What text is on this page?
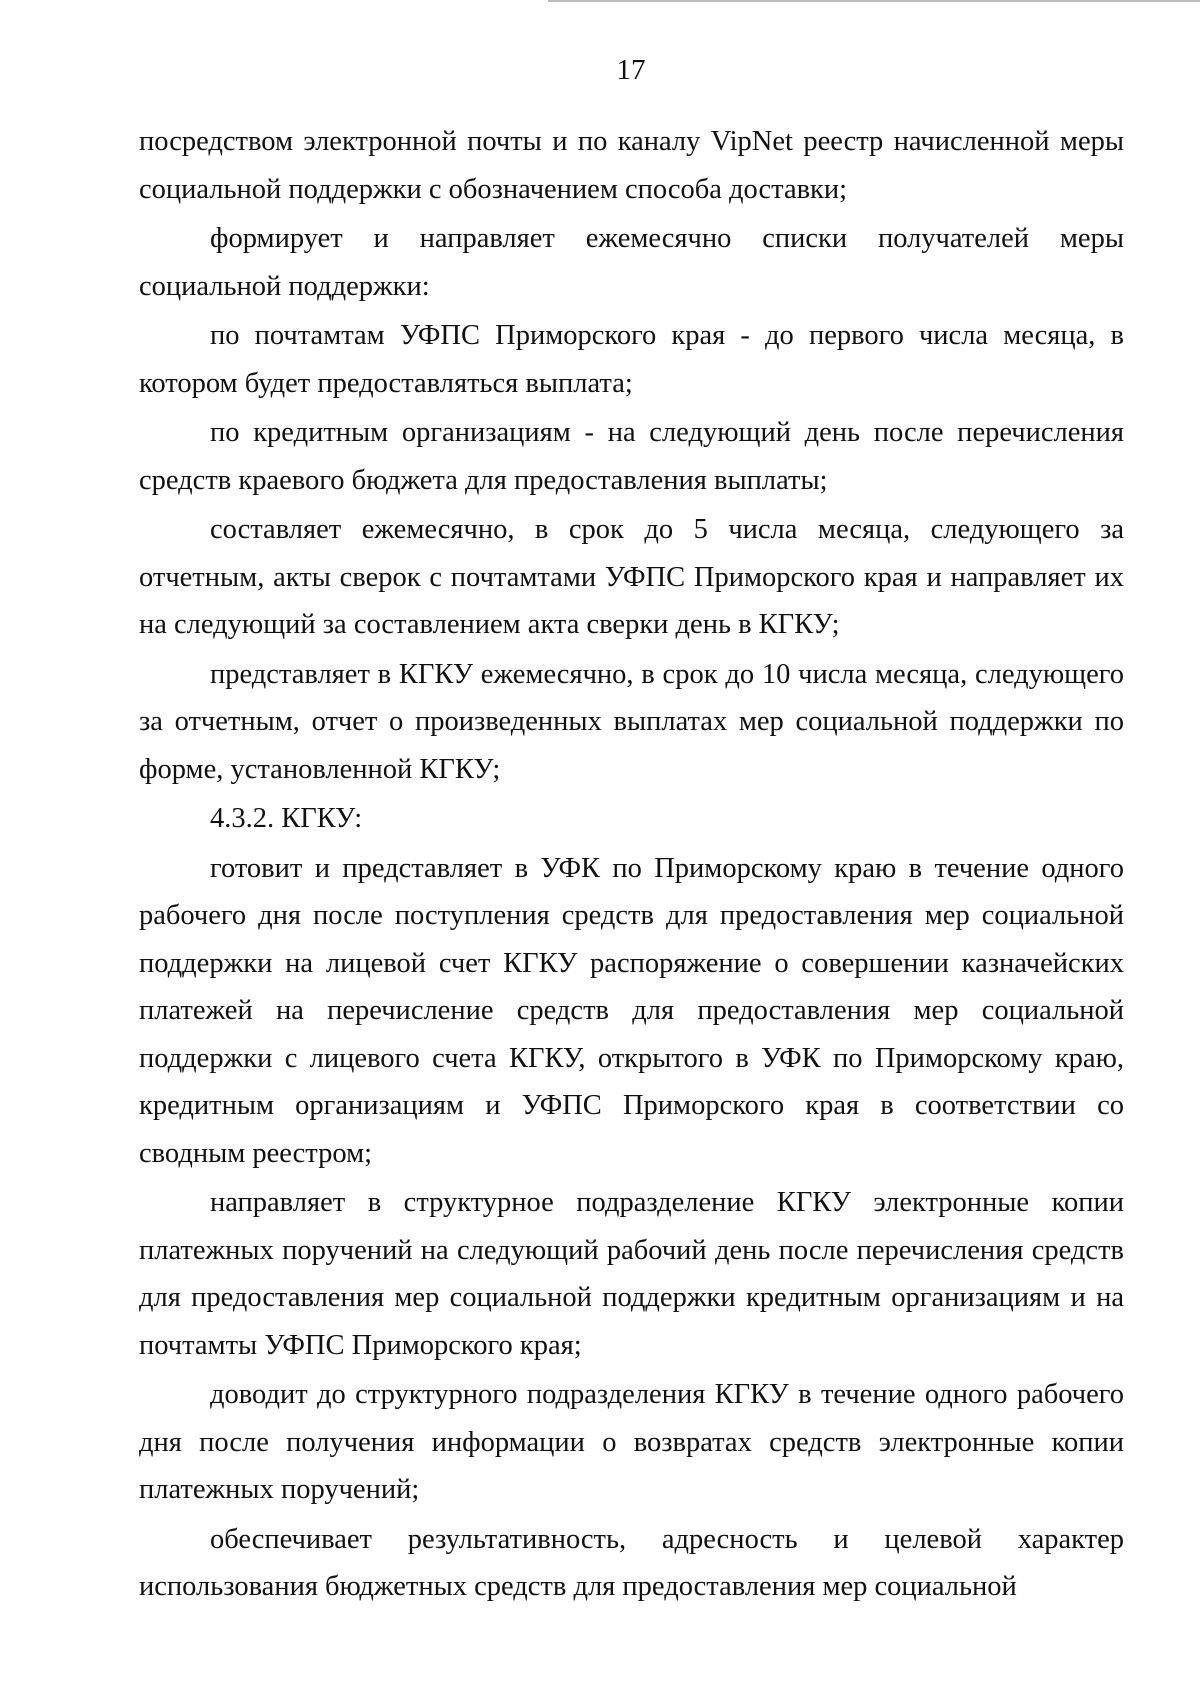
17

посредством электронной почты и по каналу VipNet реестр начисленной меры социальной поддержки с обозначением способа доставки;

формирует и направляет ежемесячно списки получателей меры социальной поддержки:

по почтамтам УФПС Приморского края - до первого числа месяца, в котором будет предоставляться выплата;

по кредитным организациям - на следующий день после перечисления средств краевого бюджета для предоставления выплаты;

составляет ежемесячно, в срок до 5 числа месяца, следующего за отчетным, акты сверок с почтамтами УФПС Приморского края и направляет их на следующий за составлением акта сверки день в КГКУ;

представляет в КГКУ ежемесячно, в срок до 10 числа месяца, следующего за отчетным, отчет о произведенных выплатах мер социальной поддержки по форме, установленной КГКУ;

4.3.2. КГКУ:

готовит и представляет в УФК по Приморскому краю в течение одного рабочего дня после поступления средств для предоставления мер социальной поддержки на лицевой счет КГКУ распоряжение о совершении казначейских платежей на перечисление средств для предоставления мер социальной поддержки с лицевого счета КГКУ, открытого в УФК по Приморскому краю, кредитным организациям и УФПС Приморского края в соответствии со сводным реестром;

направляет в структурное подразделение КГКУ электронные копии платежных поручений на следующий рабочий день после перечисления средств для предоставления мер социальной поддержки кредитным организациям и на почтамты УФПС Приморского края;

доводит до структурного подразделения КГКУ в течение одного рабочего дня после получения информации о возвратах средств электронные копии платежных поручений;

обеспечивает результативность, адресность и целевой характер использования бюджетных средств для предоставления мер социальной
